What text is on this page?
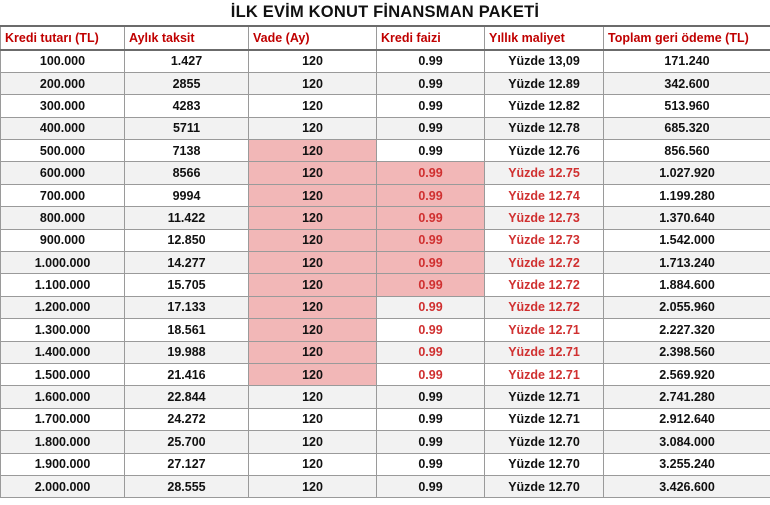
İLK EVİM KONUT FİNANSMAN PAKETİ
Kredi tutarı (TL)	Aylık taksit	Vade (Ay)	Kredi faizi	Yıllık maliyet	Toplam geri ödeme (TL)
100.000	1.427	120	0.99	Yüzde 13,09	171.240
200.000	2855	120	0.99	Yüzde 12.89	342.600
300.000	4283	120	0.99	Yüzde 12.82	513.960
400.000	5711	120	0.99	Yüzde 12.78	685.320
500.000	7138	120	0.99	Yüzde 12.76	856.560
600.000	8566	120	0.99	Yüzde 12.75	1.027.920
700.000	9994	120	0.99	Yüzde 12.74	1.199.280
800.000	11.422	120	0.99	Yüzde 12.73	1.370.640
900.000	12.850	120	0.99	Yüzde 12.73	1.542.000
1.000.000	14.277	120	0.99	Yüzde 12.72	1.713.240
1.100.000	15.705	120	0.99	Yüzde 12.72	1.884.600
1.200.000	17.133	120	0.99	Yüzde 12.72	2.055.960
1.300.000	18.561	120	0.99	Yüzde 12.71	2.227.320
1.400.000	19.988	120	0.99	Yüzde 12.71	2.398.560
1.500.000	21.416	120	0.99	Yüzde 12.71	2.569.920
1.600.000	22.844	120	0.99	Yüzde 12.71	2.741.280
1.700.000	24.272	120	0.99	Yüzde 12.71	2.912.640
1.800.000	25.700	120	0.99	Yüzde 12.70	3.084.000
1.900.000	27.127	120	0.99	Yüzde 12.70	3.255.240
2.000.000	28.555	120	0.99	Yüzde 12.70	3.426.600
